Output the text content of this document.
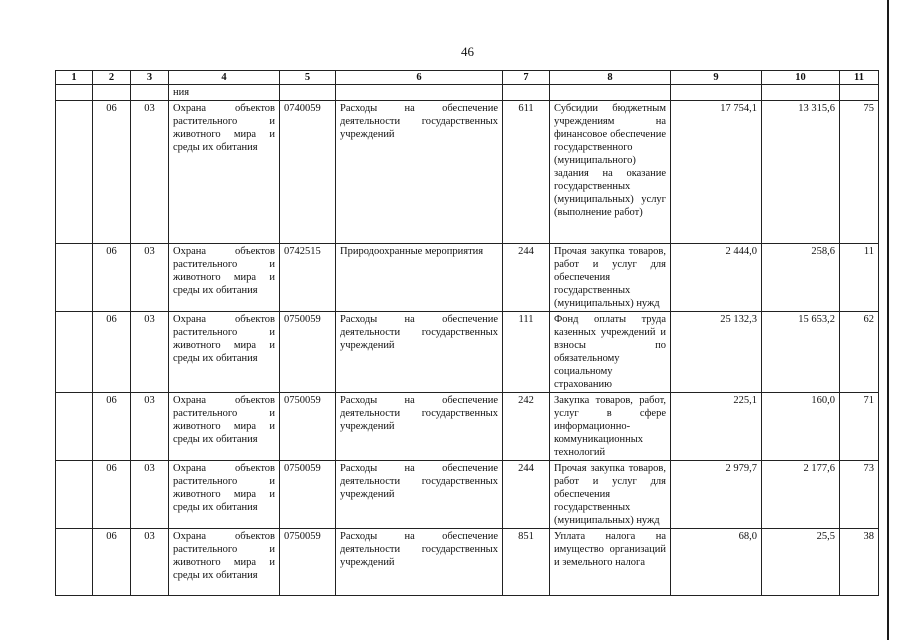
46
1	2	3	4	5	6	7	8	9	10	11
			ния							
	06	03	Охрана объектов растительного и животного мира и среды их обитания	0740059	Расходы на обеспечение деятельности государственных учреждений	611	Субсидии бюджетным учреждениям на финансовое обеспечение государственного (муниципального) задания на оказание государственных (муниципальных) услуг (выполнение работ)	17 754,1	13 315,6	75
	06	03	Охрана объектов растительного и животного мира и среды их обитания	0742515	Природоохранные мероприятия	244	Прочая закупка товаров, работ и услуг для обеспечения государственных (муниципальных) нужд	2 444,0	258,6	11
	06	03	Охрана объектов растительного и животного мира и среды их обитания	0750059	Расходы на обеспечение деятельности государственных учреждений	111	Фонд оплаты труда казенных учреждений и взносы по обязательному социальному страхованию	25 132,3	15 653,2	62
	06	03	Охрана объектов растительного и животного мира и среды их обитания	0750059	Расходы на обеспечение деятельности государственных учреждений	242	Закупка товаров, работ, услуг в сфере информационно-коммуникационных технологий	225,1	160,0	71
	06	03	Охрана объектов растительного и животного мира и среды их обитания	0750059	Расходы на обеспечение деятельности государственных учреждений	244	Прочая закупка товаров, работ и услуг для обеспечения государственных (муниципальных) нужд	2 979,7	2 177,6	73
	06	03	Охрана объектов растительного и животного мира и среды их обитания	0750059	Расходы на обеспечение деятельности государственных учреждений	851	Уплата налога на имущество организаций и земельного налога	68,0	25,5	38
